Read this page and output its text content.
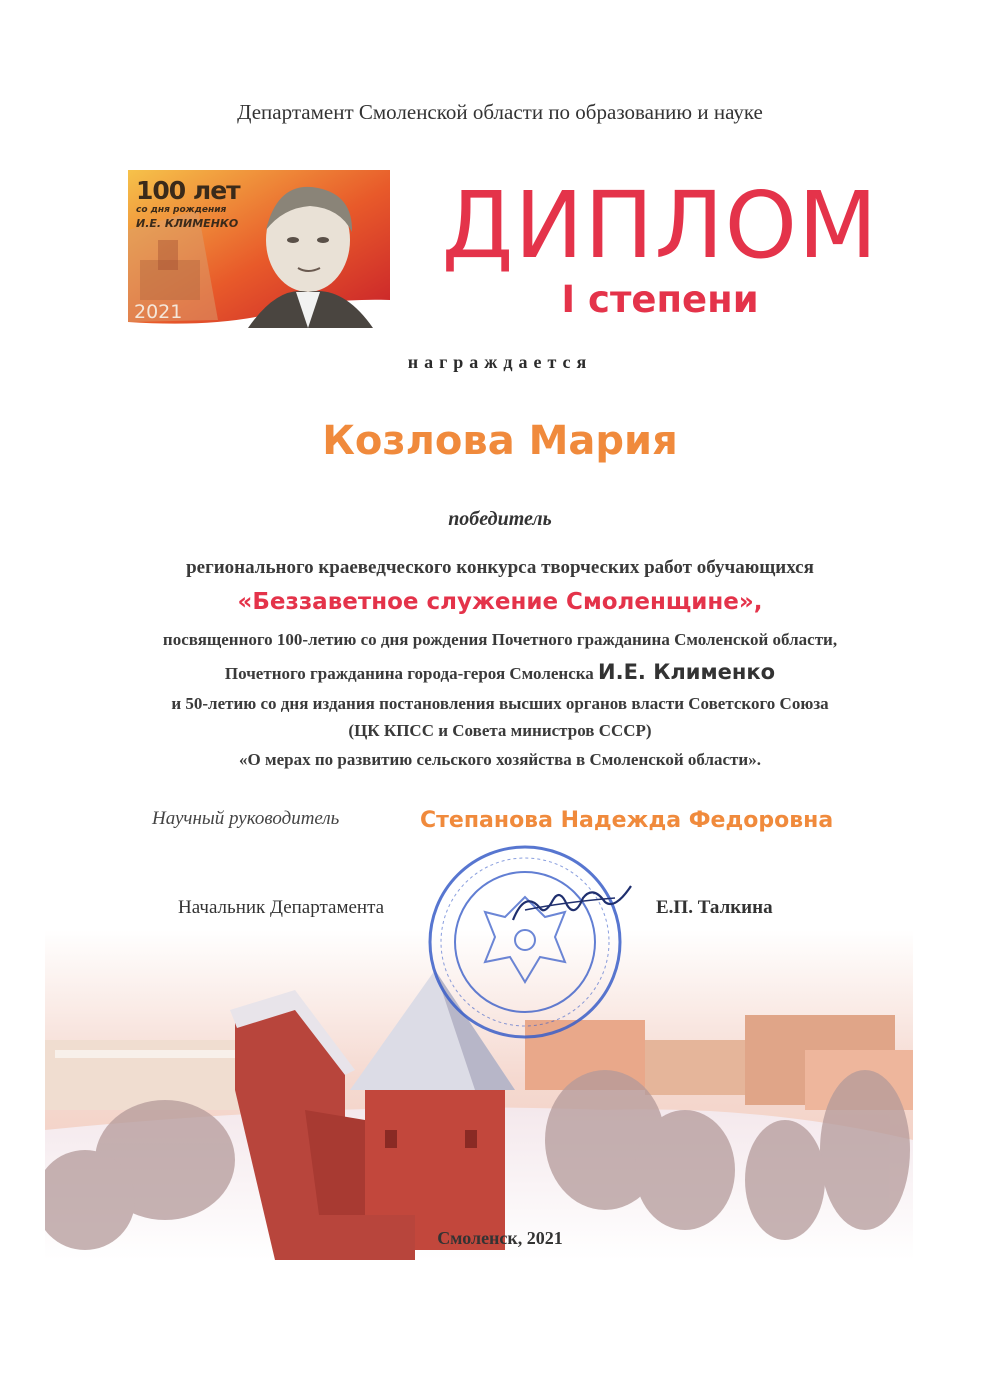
Департамент Смоленской области по образованию и науке
100 лет
со дня рождения
И.Е. КЛИМЕНКО
2021
ДИПЛОМ
I степени
награждается
Козлова Мария
победитель
регионального краеведческого конкурса творческих работ обучающихся
«Беззаветное служение Смоленщине»,
посвященного 100-летию со дня рождения Почетного гражданина Смоленской области,
Почетного гражданина города-героя Смоленска И.Е. Клименко
и 50-летию со дня издания постановления высших органов власти Советского Союза
(ЦК КПСС и Совета министров СССР)
«О мерах по развитию сельского хозяйства в Смоленской области».
Научный руководитель	Степанова Надежда Федоровна
Начальник Департамента	Е.П. Талкина
Смоленск, 2021
